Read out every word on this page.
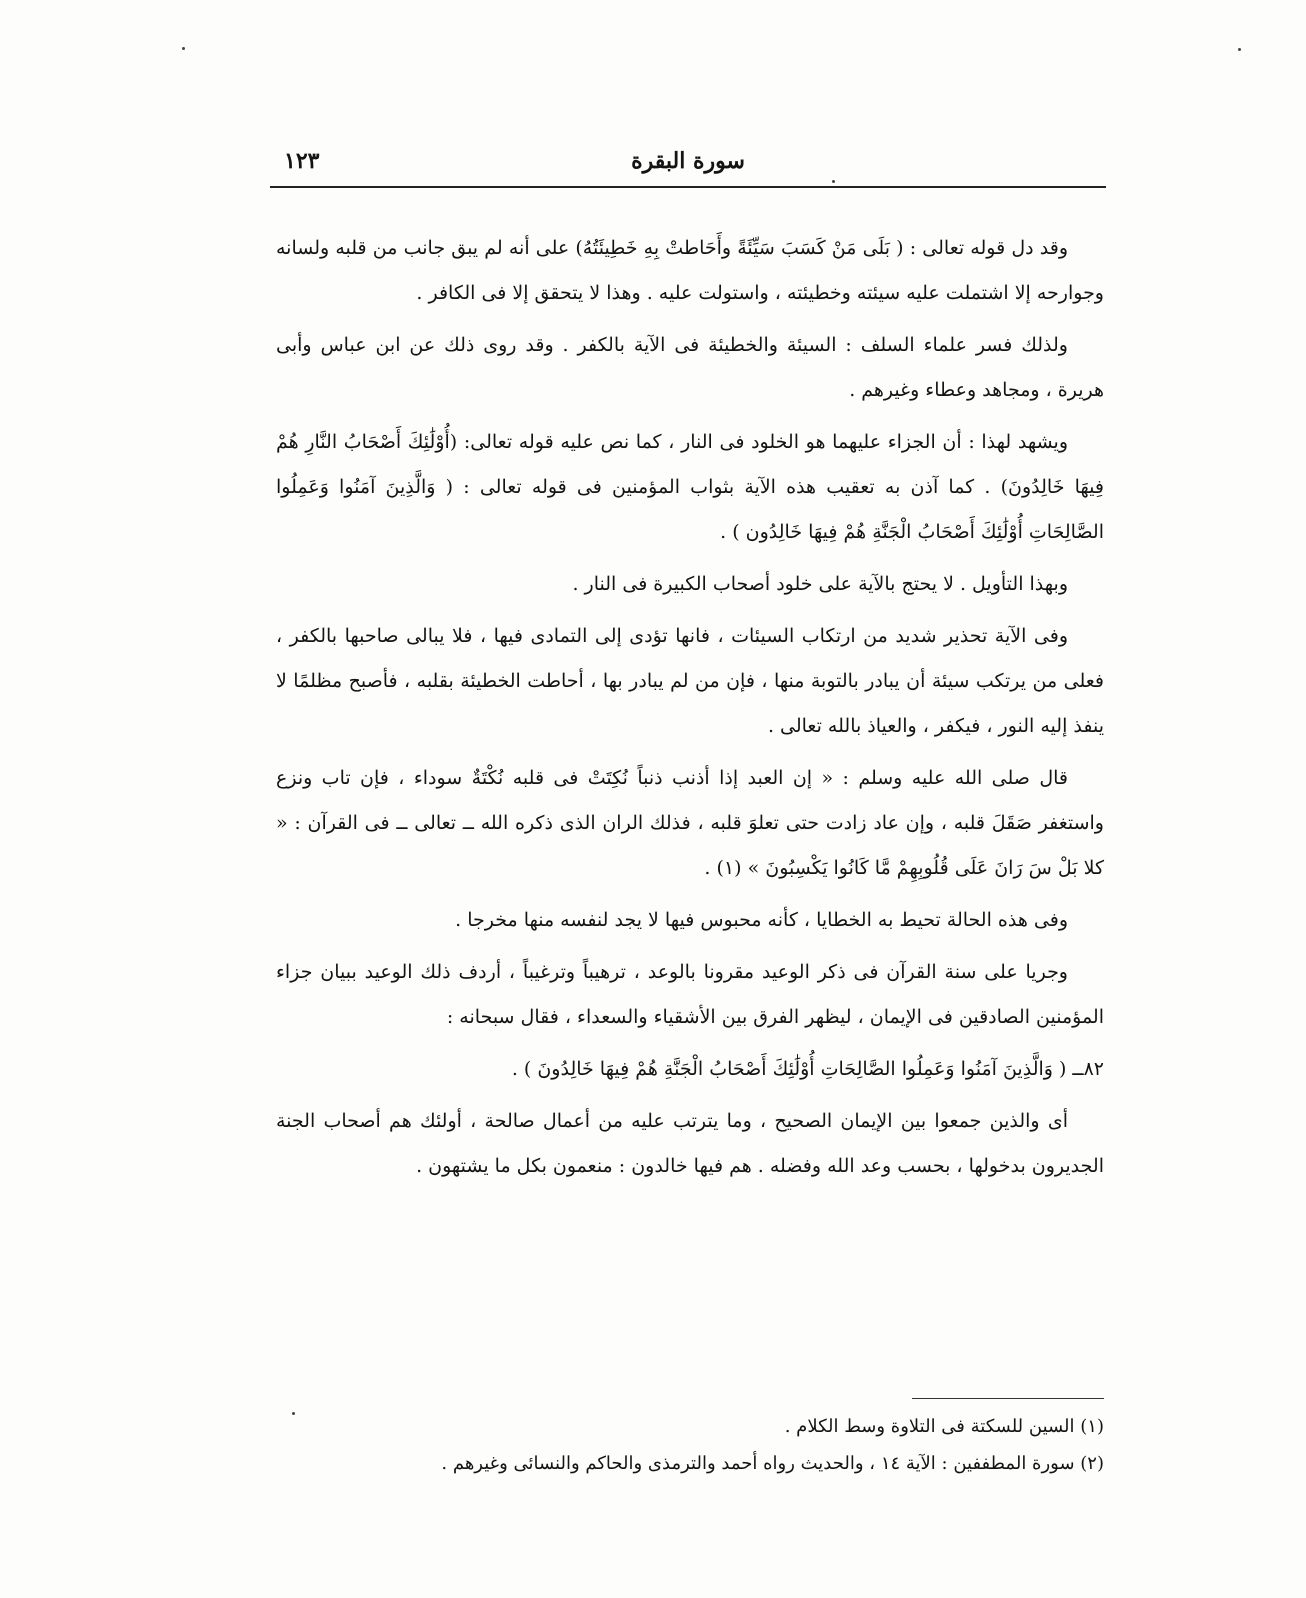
سورة البقرة
١٢٣

وقد دل قوله تعالى : ( بَلَى مَنْ كَسَبَ سَيِّئَةً وأَحَاطتْ بِهِ خَطِيئَتُهُ) على أنه لم يبق جانب من قلبه ولسانه وجوارحه إلا اشتملت عليه سيئته وخطيئته ، واستولت عليه . وهذا لا يتحقق إلا فى الكافر .

ولذلك فسر علماء السلف : السيئة والخطيئة فى الآية بالكفر . وقد روى ذلك عن ابن عباس وأبى هريرة ، ومجاهد وعطاء وغيرهم .

ويشهد لهذا : أن الجزاء عليهما هو الخلود فى النار ، كما نص عليه قوله تعالى: (أُوْلَٰئِكَ أَصْحَابُ النَّارِ هُمْ فِيهَا خَالِدُونَ) . كما آذن به تعقيب هذه الآية بثواب المؤمنين فى قوله تعالى : ( وَالَّذِينَ آمَنُوا وَعَمِلُوا الصَّالِحَاتِ أُوْلَٰئِكَ أَصْحَابُ الْجَنَّةِ هُمْ فِيهَا خَالِدُون ) .

وبهذا التأويل . لا يحتج بالآية على خلود أصحاب الكبيرة فى النار .

وفى الآية تحذير شديد من ارتكاب السيئات ، فانها تؤدى إلى التمادى فيها ، فلا يبالى صاحبها بالكفر ، فعلى من يرتكب سيئة أن يبادر بالتوبة منها ، فإن من لم يبادر بها ، أحاطت الخطيئة بقلبه ، فأصبح مظلمًا لا ينفذ إليه النور ، فيكفر ، والعياذ بالله تعالى .

قال صلى الله عليه وسلم : « إن العبد إذا أذنب ذنباً نُكِتَتْ فى قلبه نُكْتَةٌ سوداء ، فإن تاب ونزع واستغفر صَقَلَ قلبه ، وإن عاد زادت حتى تعلوَ قلبه ، فذلك الران الذى ذكره الله ــ تعالى ــ فى القرآن : « كلا بَلْ سَ رَانَ عَلَى قُلُوبِهِمْ مَّا كَانُوا يَكْسِبُونَ » (١) .

وفى هذه الحالة تحيط به الخطايا ، كأنه محبوس فيها لا يجد لنفسه منها مخرجا .

وجريا على سنة القرآن فى ذكر الوعيد مقرونا بالوعد ، ترهيباً وترغيباً ، أردف ذلك الوعيد ببيان جزاء المؤمنين الصادقين فى الإيمان ، ليظهر الفرق بين الأشقياء والسعداء ، فقال سبحانه :

٨٢ــ ( وَالَّذِينَ آمَنُوا وَعَمِلُوا الصَّالِحَاتِ أُوْلَٰئِكَ أَصْحَابُ الْجَنَّةِ هُمْ فِيهَا خَالِدُونَ ) .

أى والذين جمعوا بين الإيمان الصحيح ، وما يترتب عليه من أعمال صالحة ، أولئك هم أصحاب الجنة الجديرون بدخولها ، بحسب وعد الله وفضله . هم فيها خالدون : منعمون بكل ما يشتهون .

(١) السين للسكتة فى التلاوة وسط الكلام .
(٢) سورة المطففين : الآية ١٤ ، والحديث رواه أحمد والترمذى والحاكم والنسائى وغيرهم .
